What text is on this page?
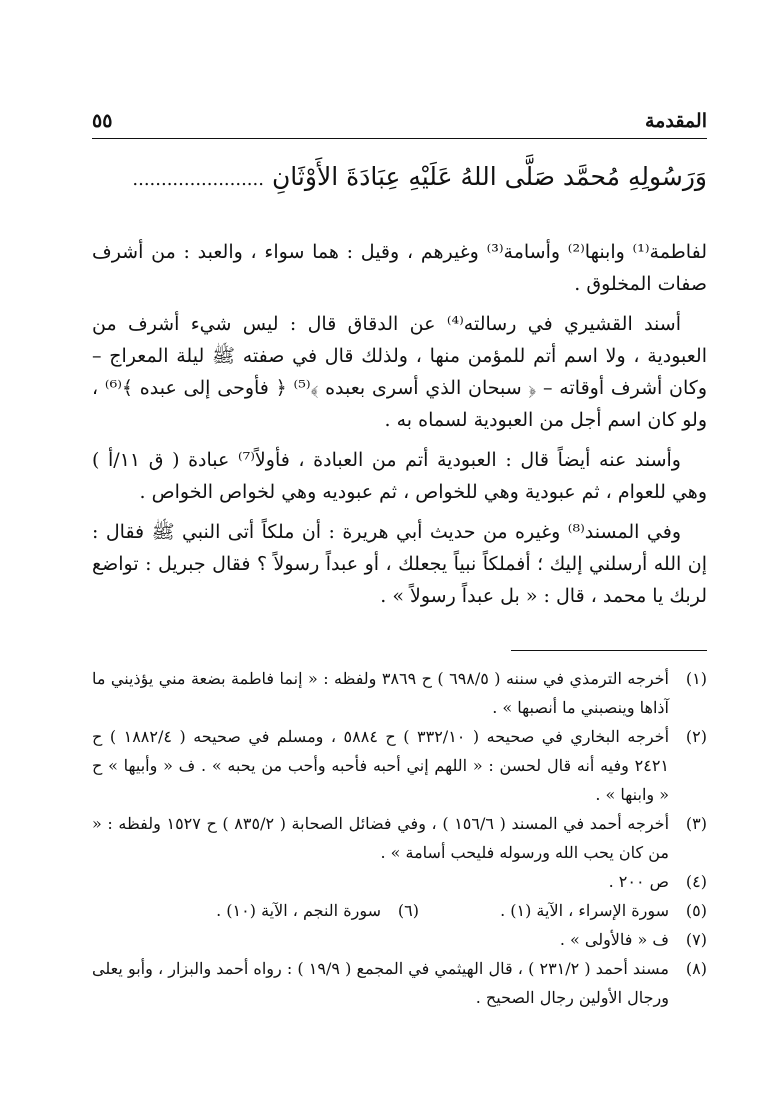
المقدمة
٥٥
وَرَسُولِهِ مُحمَّد صَلَّى اللهُ عَلَيْهِ عِبَادَةَ الأَوْثَانِ .......................

لفاطمة⁽¹⁾ وابنها⁽²⁾ وأسامة⁽³⁾ وغيرهم ، وقيل : هما سواء ، والعبد : من أشرف صفات المخلوق .

أسند القشيري في رسالته⁽⁴⁾ عن الدقاق قال : ليس شيء أشرف من العبودية ، ولا اسم أتم للمؤمن منها ، ولذلك قال في صفته ﷺ ليلة المعراج – وكان أشرف أوقاته – ﴿ سبحان الذي أسرى بعبده ﴾⁽⁵⁾ ﴿ فأوحى إلى عبده ﴾⁽⁶⁾ ، ولو كان اسم أجل من العبودية لسماه به .

وأسند عنه أيضاً قال : العبودية أتم من العبادة ، فأولاً⁽⁷⁾ عبادة ( ق ١١/أ ) وهي للعوام ، ثم عبودية وهي للخواص ، ثم عبوديه وهي لخواص الخواص .

وفي المسند⁽⁸⁾ وغيره من حديث أبي هريرة : أن ملكاً أتى النبي ﷺ فقال : إن الله أرسلني إليك ؛ أفملكاً نبياً يجعلك ، أو عبداً رسولاً ؟ فقال جبريل : تواضع لربك يا محمد ، قال : « بل عبداً رسولاً » .

(١)
أخرجه الترمذي في سننه ( ٦٩٨/٥ ) ح ٣٨٦٩ ولفظه : « إنما فاطمة بضعة مني يؤذيني ما آذاها وينصبني ما أنصبها » .
(٢)
أخرجه البخاري في صحيحه ( ٣٣٢/١٠ ) ح ٥٨٨٤ ، ومسلم في صحيحه ( ١٨٨٢/٤ ) ح ٢٤٢١ وفيه أنه قال لحسن : « اللهم إني أحبه فأحبه وأحب من يحبه » . ف « وأبيها » ح « وابنها » .
(٣)
أخرجه أحمد في المسند ( ١٥٦/٦ ) ، وفي فضائل الصحابة ( ٨٣٥/٢ ) ح ١٥٢٧ ولفظه : « من كان يحب الله ورسوله فليحب أسامة » .
(٤)
ص ٢٠٠ .
(٥)
سورة الإسراء ، الآية (١) .
(٦)
سورة النجم ، الآية (١٠) .
(٧)
ف « فالأولى » .
(٨)
مسند أحمد ( ٢٣١/٢ ) ، قال الهيثمي في المجمع ( ١٩/٩ ) : رواه أحمد والبزار ، وأبو يعلى ورجال الأولين رجال الصحيح .
